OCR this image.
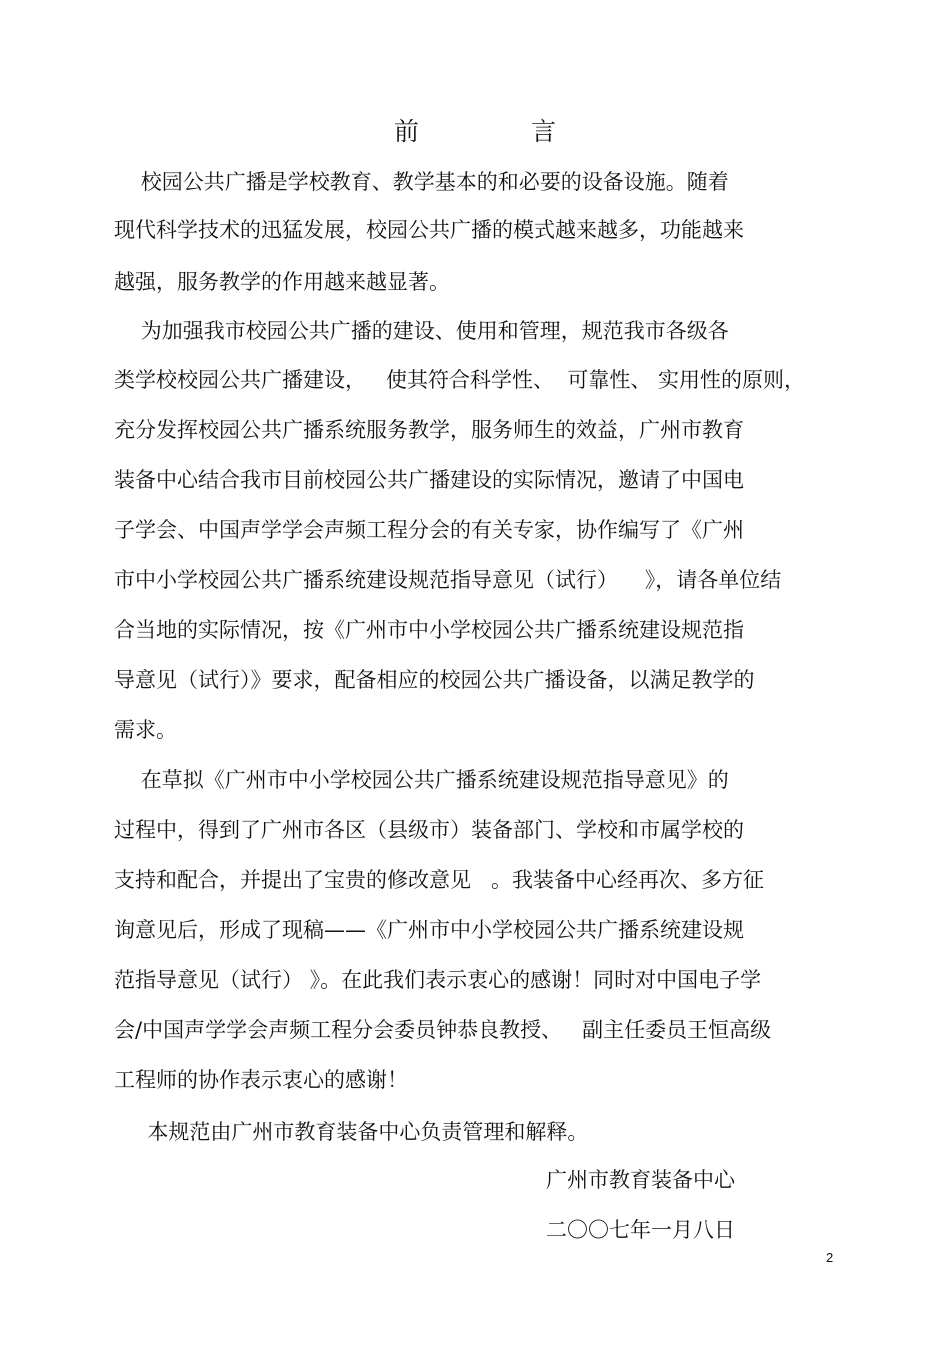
前	言
校园公共广播是学校教育、教学基本的和必要的设备设施。随着
现代科学技术的迅猛发展，校园公共广播的模式越来越多，功能越来
越强，服务教学的作用越来越显著。
为加强我市校园公共广播的建设、使用和管理，规范我市各级各
类学校校园公共广播建设，   使其符合科学性、  可靠性、 实用性的原则，
充分发挥校园公共广播系统服务教学，服务师生的效益，广州市教育
装备中心结合我市目前校园公共广播建设的实际情况，邀请了中国电
子学会、中国声学学会声频工程分会的有关专家，协作编写了《广州
市中小学校园公共广播系统建设规范指导意见（试行）    》，请各单位结
合当地的实际情况，按《广州市中小学校园公共广播系统建设规范指
导意见（试行）》要求，配备相应的校园公共广播设备，以满足教学的
需求。
在草拟《广州市中小学校园公共广播系统建设规范指导意见》的
过程中，得到了广州市各区（县级市）装备部门、学校和市属学校的
支持和配合，并提出了宝贵的修改意见   。我装备中心经再次、多方征
询意见后，形成了现稿——《广州市中小学校园公共广播系统建设规
范指导意见（试行） 》。在此我们表示衷心的感谢！同时对中国电子学
会/中国声学学会声频工程分会委员钟恭良教授、   副主任委员王恒高级
工程师的协作表示衷心的感谢！
本规范由广州市教育装备中心负责管理和解释。
广州市教育装备中心
二〇〇七年一月八日
2
